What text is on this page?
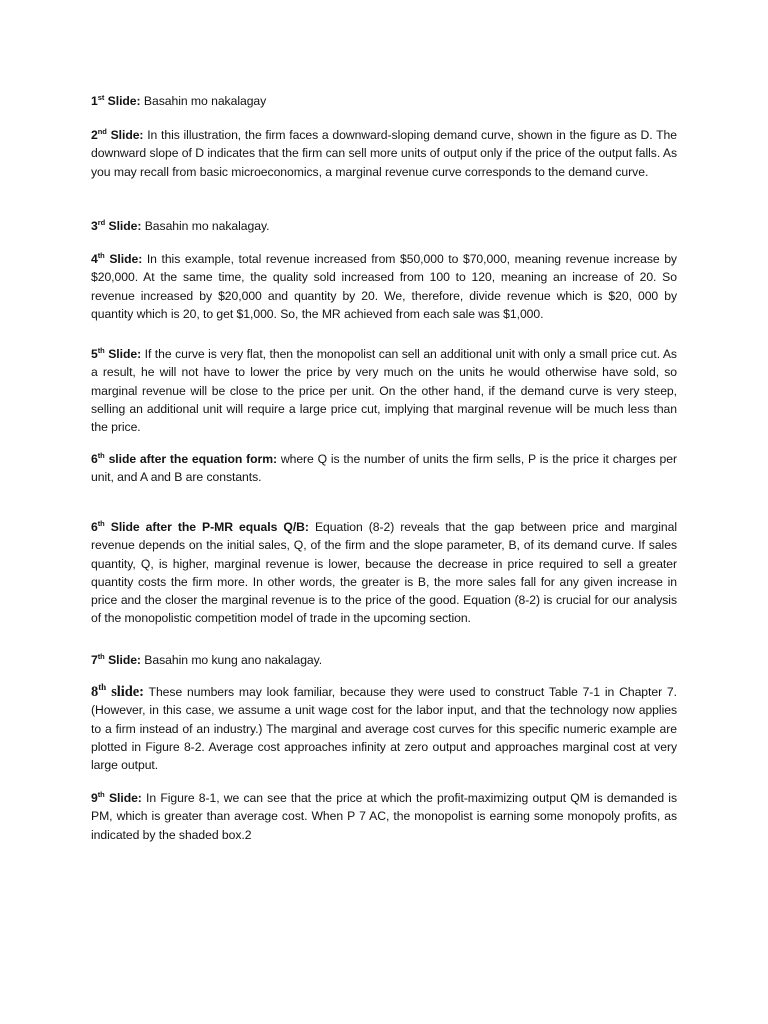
1st Slide: Basahin mo nakalagay

2nd Slide: In this illustration, the firm faces a downward-sloping demand curve, shown in the figure as D. The downward slope of D indicates that the firm can sell more units of output only if the price of the output falls. As you may recall from basic microeconomics, a marginal revenue curve corresponds to the demand curve.

3rd Slide: Basahin mo nakalagay.

4th Slide: In this example, total revenue increased from $50,000 to $70,000, meaning revenue increase by $20,000. At the same time, the quality sold increased from 100 to 120, meaning an increase of 20. So revenue increased by $20,000 and quantity by 20. We, therefore, divide revenue which is $20, 000 by quantity which is 20, to get $1,000. So, the MR achieved from each sale was $1,000.

5th Slide: If the curve is very flat, then the monopolist can sell an additional unit with only a small price cut. As a result, he will not have to lower the price by very much on the units he would otherwise have sold, so marginal revenue will be close to the price per unit. On the other hand, if the demand curve is very steep, selling an additional unit will require a large price cut, implying that marginal revenue will be much less than the price.

6th slide after the equation form: where Q is the number of units the firm sells, P is the price it charges per unit, and A and B are constants.

6th Slide after the P-MR equals Q/B: Equation (8-2) reveals that the gap between price and marginal revenue depends on the initial sales, Q, of the firm and the slope parameter, B, of its demand curve. If sales quantity, Q, is higher, marginal revenue is lower, because the decrease in price required to sell a greater quantity costs the firm more. In other words, the greater is B, the more sales fall for any given increase in price and the closer the marginal revenue is to the price of the good. Equation (8-2) is crucial for our analysis of the monopolistic competition model of trade in the upcoming section.

7th Slide: Basahin mo kung ano nakalagay.

8th slide: These numbers may look familiar, because they were used to construct Table 7-1 in Chapter 7. (However, in this case, we assume a unit wage cost for the labor input, and that the technology now applies to a firm instead of an industry.) The marginal and average cost curves for this specific numeric example are plotted in Figure 8-2. Average cost approaches infinity at zero output and approaches marginal cost at very large output.

9th Slide: In Figure 8-1, we can see that the price at which the profit-maximizing output QM is demanded is PM, which is greater than average cost. When P 7 AC, the monopolist is earning some monopoly profits, as indicated by the shaded box.2
